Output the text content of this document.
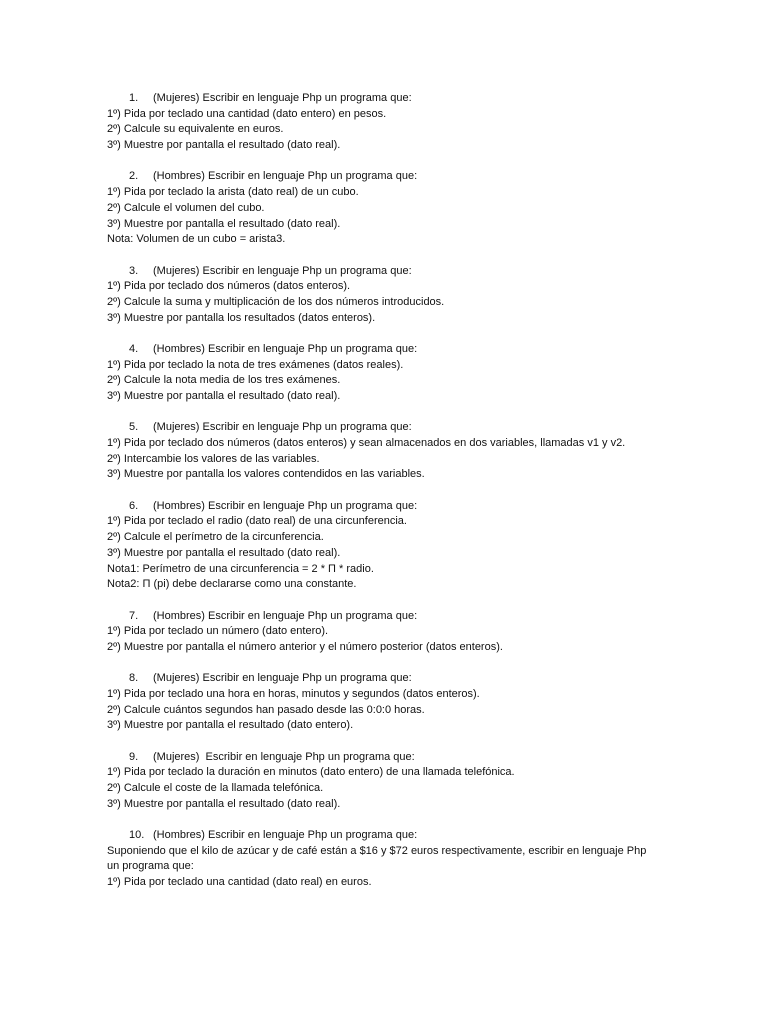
1.	(Mujeres) Escribir en lenguaje Php un programa que:
1º) Pida por teclado una cantidad (dato entero) en pesos.
2º) Calcule su equivalente en euros.
3º) Muestre por pantalla el resultado (dato real).
2.	(Hombres) Escribir en lenguaje Php un programa que:
1º) Pida por teclado la arista (dato real) de un cubo.
2º) Calcule el volumen del cubo.
3º) Muestre por pantalla el resultado (dato real).
Nota: Volumen de un cubo = arista3.
3.	(Mujeres) Escribir en lenguaje Php un programa que:
1º) Pida por teclado dos números (datos enteros).
2º) Calcule la suma y multiplicación de los dos números introducidos.
3º) Muestre por pantalla los resultados (datos enteros).
4.	(Hombres) Escribir en lenguaje Php un programa que:
1º) Pida por teclado la nota de tres exámenes (datos reales).
2º) Calcule la nota media de los tres exámenes.
3º) Muestre por pantalla el resultado (dato real).
5.	(Mujeres) Escribir en lenguaje Php un programa que:
1º) Pida por teclado dos números (datos enteros) y sean almacenados en dos variables, llamadas v1 y v2.
2º) Intercambie los valores de las variables.
3º) Muestre por pantalla los valores contendidos en las variables.
6.	(Hombres) Escribir en lenguaje Php un programa que:
1º) Pida por teclado el radio (dato real) de una circunferencia.
2º) Calcule el perímetro de la circunferencia.
3º) Muestre por pantalla el resultado (dato real).
Nota1: Perímetro de una circunferencia = 2 * Π * radio.
Nota2: Π (pi) debe declararse como una constante.
7.	(Hombres) Escribir en lenguaje Php un programa que:
1º) Pida por teclado un número (dato entero).
2º) Muestre por pantalla el número anterior y el número posterior (datos enteros).
8.	(Mujeres) Escribir en lenguaje Php un programa que:
1º) Pida por teclado una hora en horas, minutos y segundos (datos enteros).
2º) Calcule cuántos segundos han pasado desde las 0:0:0 horas.
3º) Muestre por pantalla el resultado (dato entero).
9.	(Mujeres)  Escribir en lenguaje Php un programa que:
1º) Pida por teclado la duración en minutos (dato entero) de una llamada telefónica.
2º) Calcule el coste de la llamada telefónica.
3º) Muestre por pantalla el resultado (dato real).
10. (Hombres) Escribir en lenguaje Php un programa que:
Suponiendo que el kilo de azúcar y de café están a $16 y $72 euros respectivamente, escribir en lenguaje Php
un programa que:
1º) Pida por teclado una cantidad (dato real) en euros.
